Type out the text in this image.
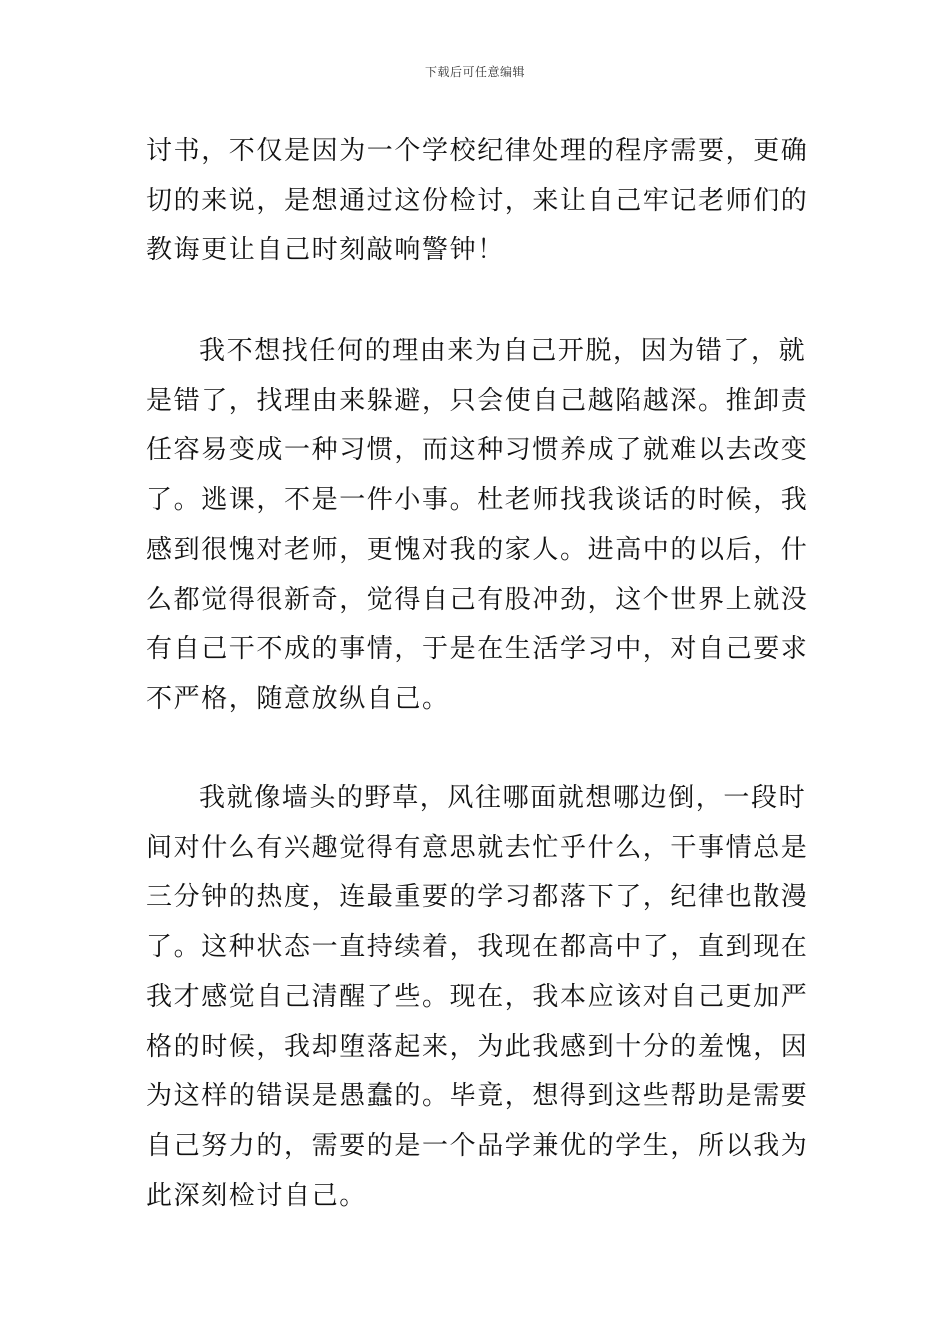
下载后可任意编辑

讨书，不仅是因为一个学校纪律处理的程序需要，更确切的来说，是想通过这份检讨，来让自己牢记老师们的教诲更让自己时刻敲响警钟！

我不想找任何的理由来为自己开脱，因为错了，就是错了，找理由来躲避，只会使自己越陷越深。推卸责任容易变成一种习惯，而这种习惯养成了就难以去改变了。逃课，不是一件小事。杜老师找我谈话的时候，我感到很愧对老师，更愧对我的家人。进高中的以后，什么都觉得很新奇，觉得自己有股冲劲，这个世界上就没有自己干不成的事情，于是在生活学习中，对自己要求不严格，随意放纵自己。

我就像墙头的野草，风往哪面就想哪边倒，一段时间对什么有兴趣觉得有意思就去忙乎什么，干事情总是三分钟的热度，连最重要的学习都落下了，纪律也散漫了。这种状态一直持续着，我现在都高中了，直到现在我才感觉自己清醒了些。现在，我本应该对自己更加严格的时候，我却堕落起来，为此我感到十分的羞愧，因为这样的错误是愚蠢的。毕竟，想得到这些帮助是需要自己努力的，需要的是一个品学兼优的学生，所以我为此深刻检讨自己。
